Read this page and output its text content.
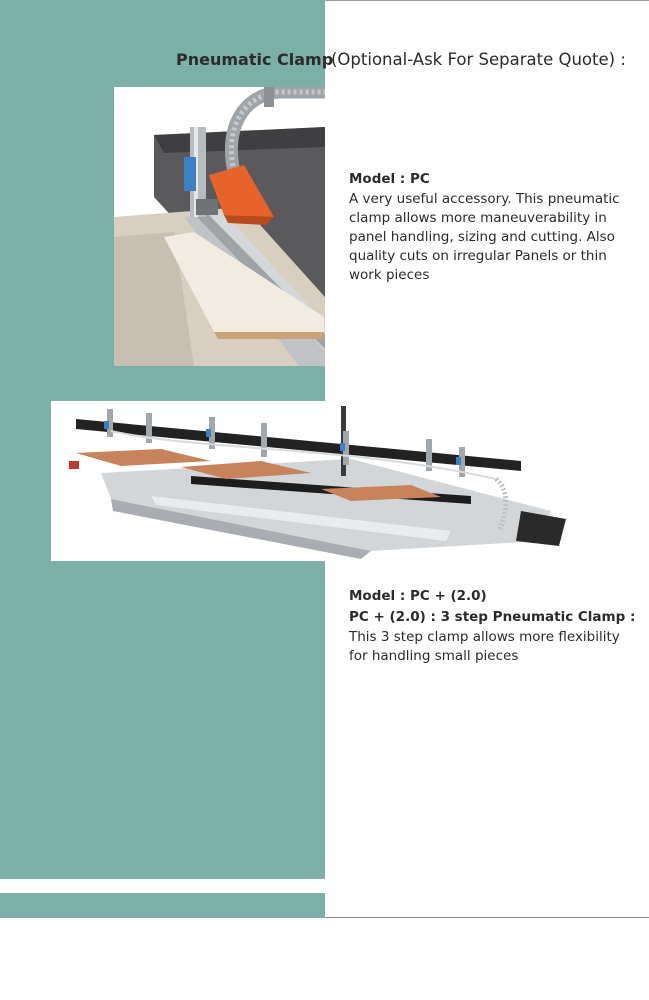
Pneumatic Clamp
(Optional-Ask For Separate Quote) :

Model : PC

A very useful accessory. This pneumatic clamp allows more maneuverability in panel handling, sizing and cutting. Also quality cuts on irregular Panels or thin work pieces

Model : PC + (2.0)

PC + (2.0) : 3 step Pneumatic Clamp :

This 3 step clamp allows more flexibility for handling small pieces
